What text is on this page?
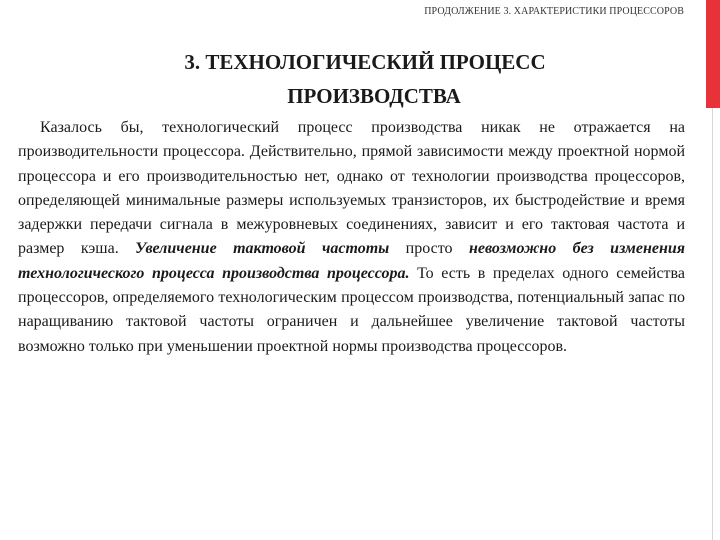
ПРОДОЛЖЕНИЕ 3. ХАРАКТЕРИСТИКИ ПРОЦЕССОРОВ
3. ТЕХНОЛОГИЧЕСКИЙ ПРОЦЕСС
ПРОИЗВОДСТВА

Казалось бы, технологический процесс производства никак не отражается на производительности процессора. Действительно, прямой зависимости между проектной нормой процессора и его производительностью нет, однако от технологии производства процессоров, определяющей минимальные размеры используемых транзисторов, их быстродействие и время задержки передачи сигнала в межуровневых соединениях, зависит и его тактовая частота и размер кэша. Увеличение тактовой частоты просто невозможно без изменения технологического процесса производства процессора. То есть в пределах одного семейства процессоров, определяемого технологическим процессом производства, потенциальный запас по наращиванию тактовой частоты ограничен и дальнейшее увеличение тактовой частоты возможно только при уменьшении проектной нормы производства процессоров.
